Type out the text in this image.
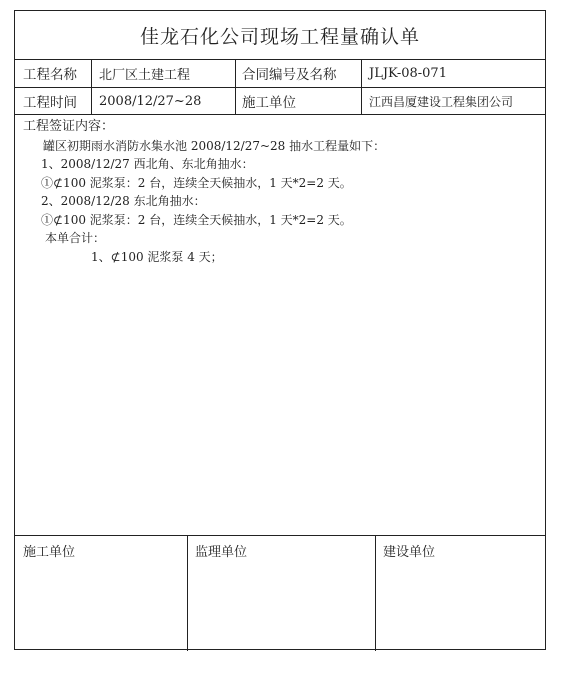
佳龙石化公司现场工程量确认单
工程名称 北厂区土建工程	合同编号及名称	JLJK-08-071
工程时间 2008/12/27~28	施工单位	江西昌厦建设工程集团公司
工程签证内容：
罐区初期雨水消防水集水池 2008/12/27~28 抽水工程量如下：
1、2008/12/27 西北角、东北角抽水：
①⊄100 泥浆泵：2 台，连续全天候抽水，1 天*2=2 天。
2、2008/12/28 东北角抽水：
①⊄100 泥浆泵：2 台，连续全天候抽水，1 天*2=2 天。
本单合计：
1、⊄100 泥浆泵 4 天；
施工单位	监理单位	建设单位
